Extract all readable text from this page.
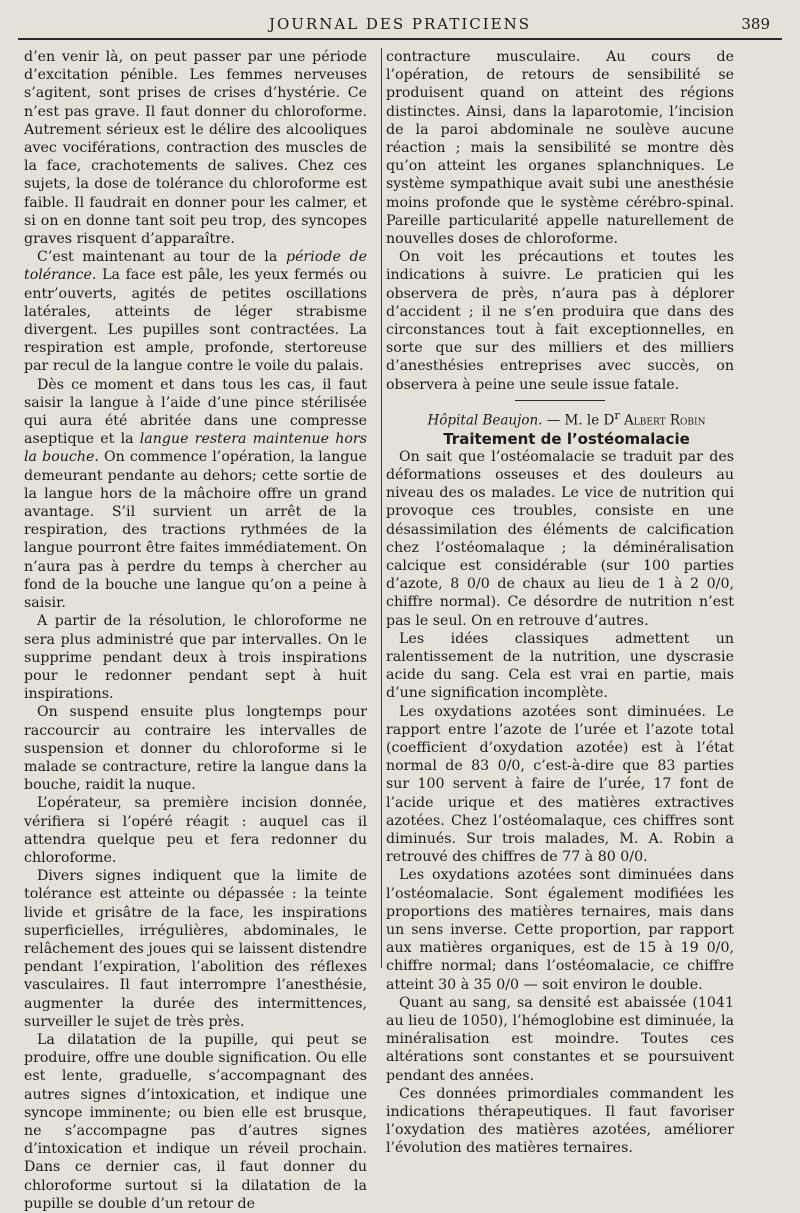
JOURNAL DES PRATICIENS	389

d’en venir là, on peut passer par une période d’excitation pénible. Les femmes nerveuses s’agitent, sont prises de crises d’hystérie. Ce n’est pas grave. Il faut donner du chloroforme. Autrement sérieux est le délire des alcooliques avec vociférations, contraction des muscles de la face, crachotements de salives. Chez ces sujets, la dose de tolérance du chloroforme est faible. Il faudrait en donner pour les calmer, et si on en donne tant soit peu trop, des syncopes graves risquent d’apparaître.

C’est maintenant au tour de la période de tolérance. La face est pâle, les yeux fermés ou entr’ouverts, agités de petites oscillations latérales, atteints de léger strabisme divergent. Les pupilles sont contractées. La respiration est ample, profonde, stertoreuse par recul de la langue contre le voile du palais.

Dès ce moment et dans tous les cas, il faut saisir la langue à l’aide d’une pince stérilisée qui aura été abritée dans une compresse aseptique et la langue restera maintenue hors la bouche. On commence l’opération, la langue demeurant pendante au dehors; cette sortie de la langue hors de la mâchoire offre un grand avantage. S’il survient un arrêt de la respiration, des tractions rythmées de la langue pourront être faites immédiatement. On n’aura pas à perdre du temps à chercher au fond de la bouche une langue qu’on a peine à saisir.

A partir de la résolution, le chloroforme ne sera plus administré que par intervalles. On le supprime pendant deux à trois inspirations pour le redonner pendant sept à huit inspirations.

On suspend ensuite plus longtemps pour raccourcir au contraire les intervalles de suspension et donner du chloroforme si le malade se contracture, retire la langue dans la bouche, raidit la nuque.

L’opérateur, sa première incision donnée, vérifiera si l’opéré réagit : auquel cas il attendra quelque peu et fera redonner du chloroforme.

Divers signes indiquent que la limite de tolérance est atteinte ou dépassée : la teinte livide et grisâtre de la face, les inspirations superficielles, irrégulières, abdominales, le relâchement des joues qui se laissent distendre pendant l’expiration, l’abolition des réflexes vasculaires. Il faut interrompre l’anesthésie, augmenter la durée des intermittences, surveiller le sujet de très près.

La dilatation de la pupille, qui peut se produire, offre une double signification. Ou elle est lente, graduelle, s’accompagnant des autres signes d’intoxication, et indique une syncope imminente; ou bien elle est brusque, ne s’accompagne pas d’autres signes d’intoxication et indique un réveil prochain. Dans ce dernier cas, il faut donner du chloroforme surtout si la dilatation de la pupille se double d’un retour de

contracture musculaire. Au cours de l’opération, de retours de sensibilité se produisent quand on atteint des régions distinctes. Ainsi, dans la laparotomie, l’incision de la paroi abdominale ne soulève aucune réaction ; mais la sensibilité se montre dès qu’on atteint les organes splanchniques. Le système sympathique avait subi une anesthésie moins profonde que le système cérébro-spinal. Pareille particularité appelle naturellement de nouvelles doses de chloroforme.

On voit les précautions et toutes les indications à suivre. Le praticien qui les observera de près, n’aura pas à déplorer d’accident ; il ne s’en produira que dans des circonstances tout à fait exceptionnelles, en sorte que sur des milliers et des milliers d’anesthésies entreprises avec succès, on observera à peine une seule issue fatale.

Hôpital Beaujon. — M. le $D^r$ Albert Robin

Traitement de l’ostéomalacie

On sait que l’ostéomalacie se traduit par des déformations osseuses et des douleurs au niveau des os malades. Le vice de nutrition qui provoque ces troubles, consiste en une désassimilation des éléments de calcification chez l’ostéomalaque ; la déminéralisation calcique est considérable (sur 100 parties d’azote, 8 0/0 de chaux au lieu de 1 à 2 0/0, chiffre normal). Ce désordre de nutrition n’est pas le seul. On en retrouve d’autres.

Les idées classiques admettent un ralentissement de la nutrition, une dyscrasie acide du sang. Cela est vrai en partie, mais d’une signification incomplète.

Les oxydations azotées sont diminuées. Le rapport entre l’azote de l’urée et l’azote total (coefficient d’oxydation azotée) est à l’état normal de 83 0/0, c’est-à-dire que 83 parties sur 100 servent à faire de l’urée, 17 font de l’acide urique et des matières extractives azotées. Chez l’ostéomalaque, ces chiffres sont diminués. Sur trois malades, M. A. Robin a retrouvé des chiffres de 77 à 80 0/0.

Les oxydations azotées sont diminuées dans l’ostéomalacie. Sont également modifiées les proportions des matières ternaires, mais dans un sens inverse. Cette proportion, par rapport aux matières organiques, est de 15 à 19 0/0, chiffre normal; dans l’ostéomalacie, ce chiffre atteint 30 à 35 0/0 — soit environ le double.

Quant au sang, sa densité est abaissée (1041 au lieu de 1050), l’hémoglobine est diminuée, la minéralisation est moindre. Toutes ces altérations sont constantes et se poursuivent pendant des années.

Ces données primordiales commandent les indications thérapeutiques. Il faut favoriser l’oxydation des matières azotées, améliorer l’évolution des matières ternaires.
